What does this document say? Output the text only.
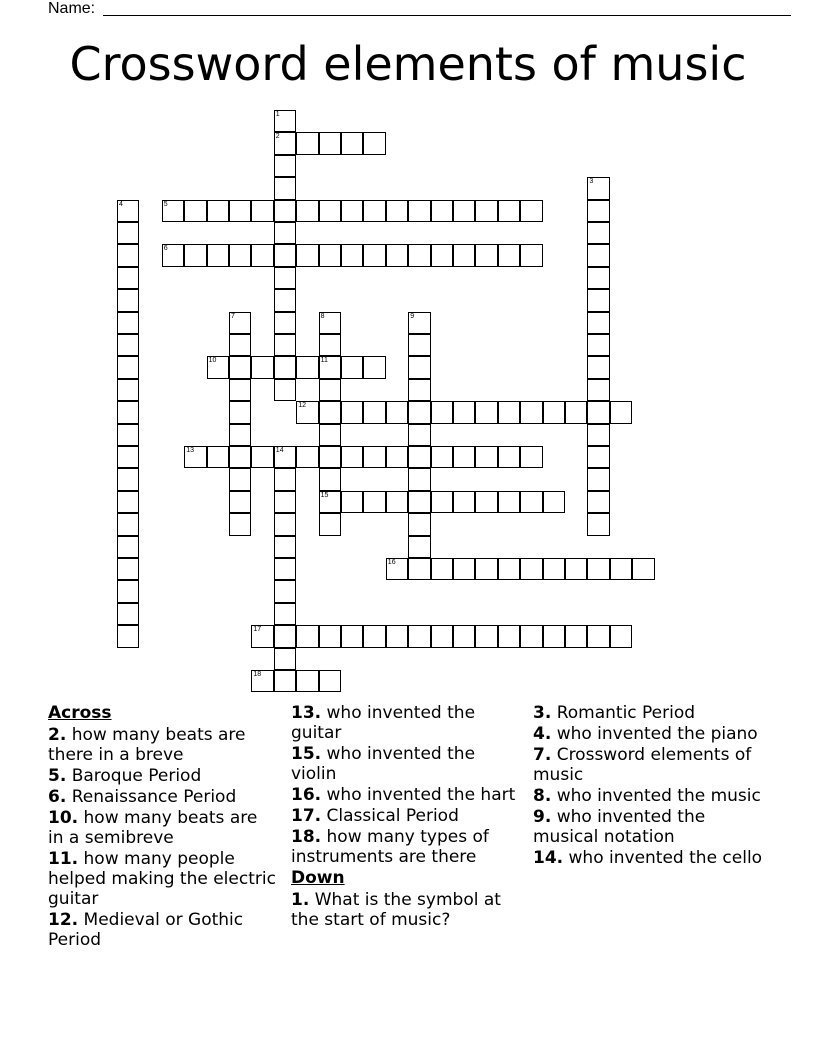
Name:
Crossword elements of music
1
2
3
4	5
6
7	8
11
15
9
10
12
13	14
16
17
18
Across
2. how many beats are there in a breve
5. Baroque Period
6. Renaissance Period
10. how many beats are in a semibreve
11. how many people helped making the electric guitar
12. Medieval or Gothic Period
13. who invented the guitar
15. who invented the violin
16. who invented the hart
17. Classical Period
18. how many types of instruments are there
Down
1. What is the symbol at the start of music?
3. Romantic Period
4. who invented the piano
7. Crossword elements of music
8. who invented the music
9. who invented the musical notation
14. who invented the cello
